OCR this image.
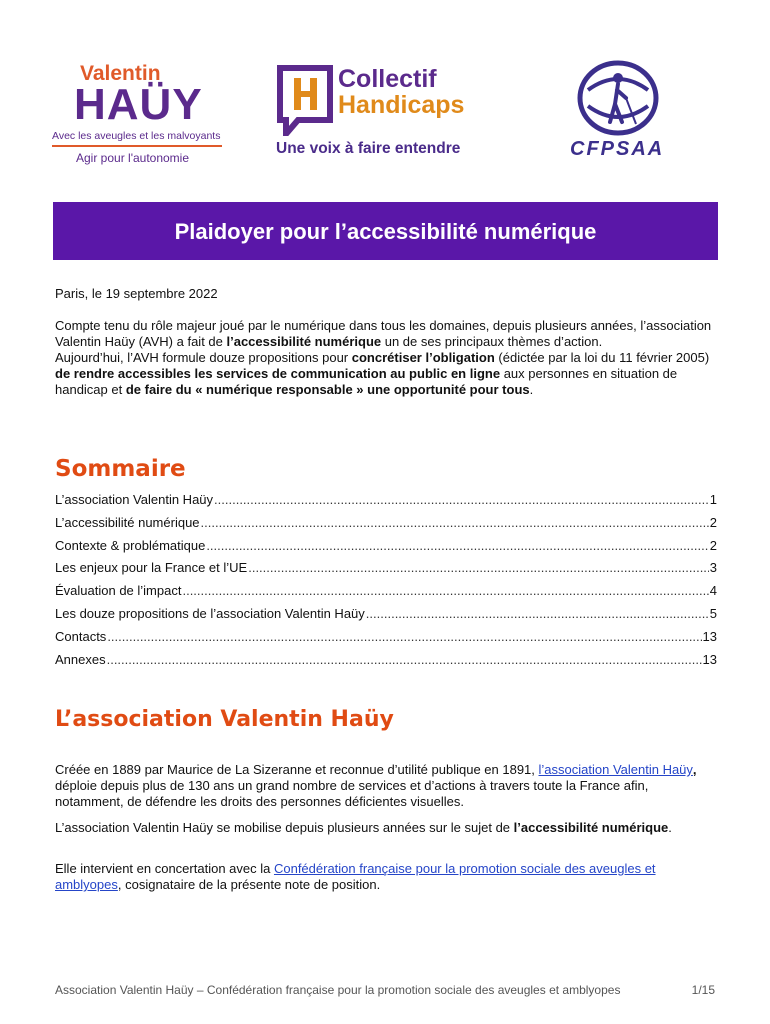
Valentin
HAÜY
Avec les aveugles et les malvoyants
Agir pour l'autonomie
Collectif
Handicaps
Une voix à faire entendre	CFPSAA
Plaidoyer pour l’accessibilité numérique

Paris, le 19 septembre 2022

Compte tenu du rôle majeur joué par le numérique dans tous les domaines, depuis plusieurs années, l’association Valentin Haüy (AVH) a fait de l’accessibilité numérique un de ses principaux thèmes d’action.
Aujourd’hui, l’AVH formule douze propositions pour concrétiser l’obligation (édictée par la loi du 11 février 2005) de rendre accessibles les services de communication au public en ligne aux personnes en situation de handicap et de faire du « numérique responsable » une opportunité pour tous.
Sommaire
L’association Valentin Haüy .....	1
L’accessibilité numérique .....	2
Contexte & problématique .....	2
Les enjeux pour la France et l’UE .....	3
Évaluation de l’impact .....	4
Les douze propositions de l’association Valentin Haüy .....	5
Contacts .....	13
Annexes .....	13
L’association Valentin Haüy
Créée en 1889 par Maurice de La Sizeranne et reconnue d’utilité publique en 1891, l’association Valentin Haüy, déploie depuis plus de 130 ans un grand nombre de services et d’actions à travers toute la France afin, notamment, de défendre les droits des personnes déficientes visuelles.
L’association Valentin Haüy se mobilise depuis plusieurs années sur le sujet de l’accessibilité numérique.
Elle intervient en concertation avec la Confédération française pour la promotion sociale des aveugles et amblyopes, cosignataire de la présente note de position.
Association Valentin Haüy – Confédération française pour la promotion sociale des aveugles et amblyopes	1/15
